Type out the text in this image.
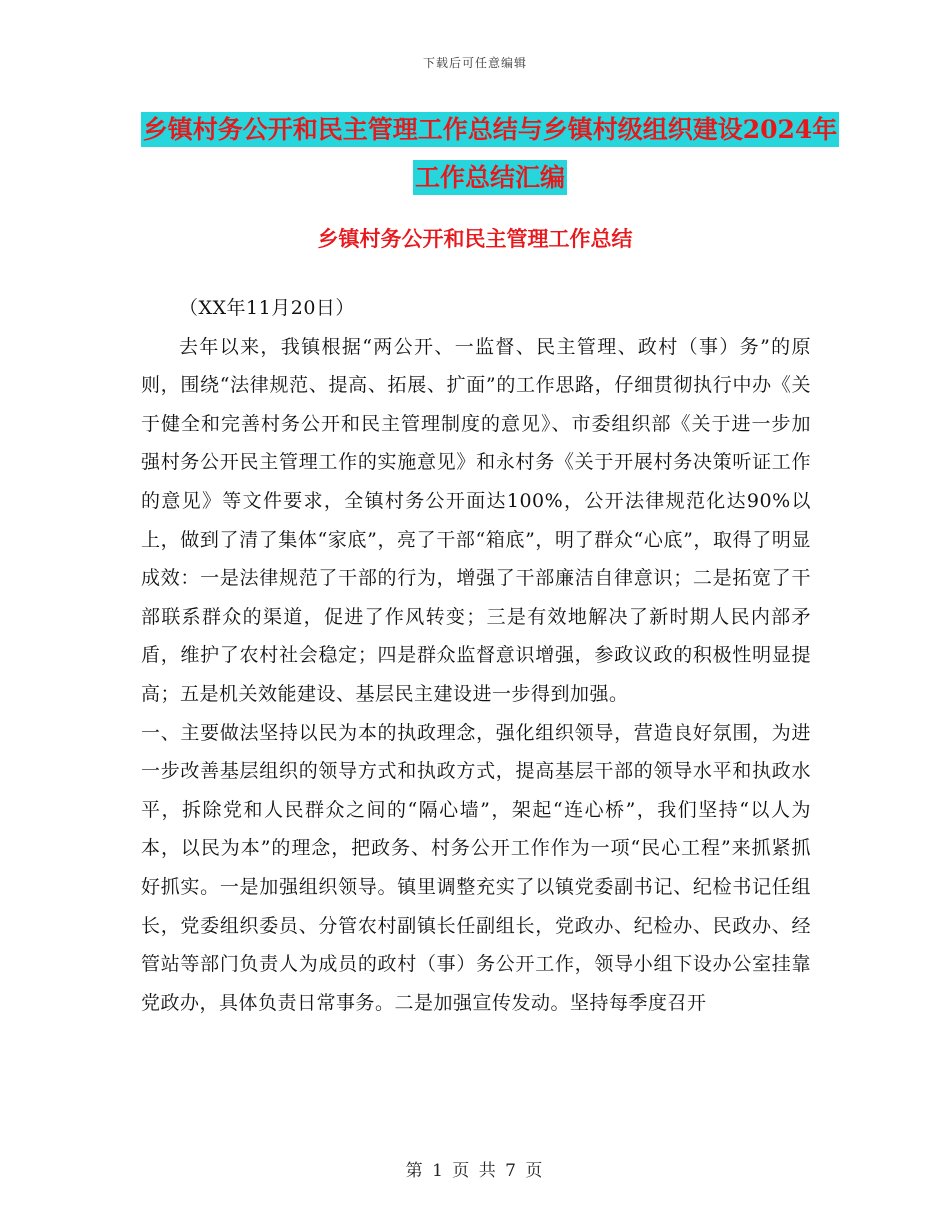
下载后可任意编辑
乡镇村务公开和民主管理工作总结与乡镇村级组织建设2024年工作总结汇编
乡镇村务公开和民主管理工作总结

（XX年11月20日）

去年以来，我镇根据“两公开、一监督、民主管理、政村（事）务”的原则，围绕“法律规范、提高、拓展、扩面”的工作思路，仔细贯彻执行中办《关于健全和完善村务公开和民主管理制度的意见》、市委组织部《关于进一步加强村务公开民主管理工作的实施意见》和永村务《关于开展村务决策听证工作的意见》等文件要求，全镇村务公开面达100%，公开法律规范化达90%以上，做到了清了集体“家底”，亮了干部“箱底”，明了群众“心底”，取得了明显成效：一是法律规范了干部的行为，增强了干部廉洁自律意识；二是拓宽了干部联系群众的渠道，促进了作风转变；三是有效地解决了新时期人民内部矛盾，维护了农村社会稳定；四是群众监督意识增强，参政议政的积极性明显提高；五是机关效能建设、基层民主建设进一步得到加强。

一、主要做法坚持以民为本的执政理念，强化组织领导，营造良好氛围，为进一步改善基层组织的领导方式和执政方式，提高基层干部的领导水平和执政水平，拆除党和人民群众之间的“隔心墙”，架起“连心桥”，我们坚持“以人为本，以民为本”的理念，把政务、村务公开工作作为一项“民心工程”来抓紧抓好抓实。一是加强组织领导。镇里调整充实了以镇党委副书记、纪检书记任组长，党委组织委员、分管农村副镇长任副组长，党政办、纪检办、民政办、经管站等部门负责人为成员的政村（事）务公开工作，领导小组下设办公室挂靠党政办，具体负责日常事务。二是加强宣传发动。坚持每季度召开

第 1 页 共 7 页
